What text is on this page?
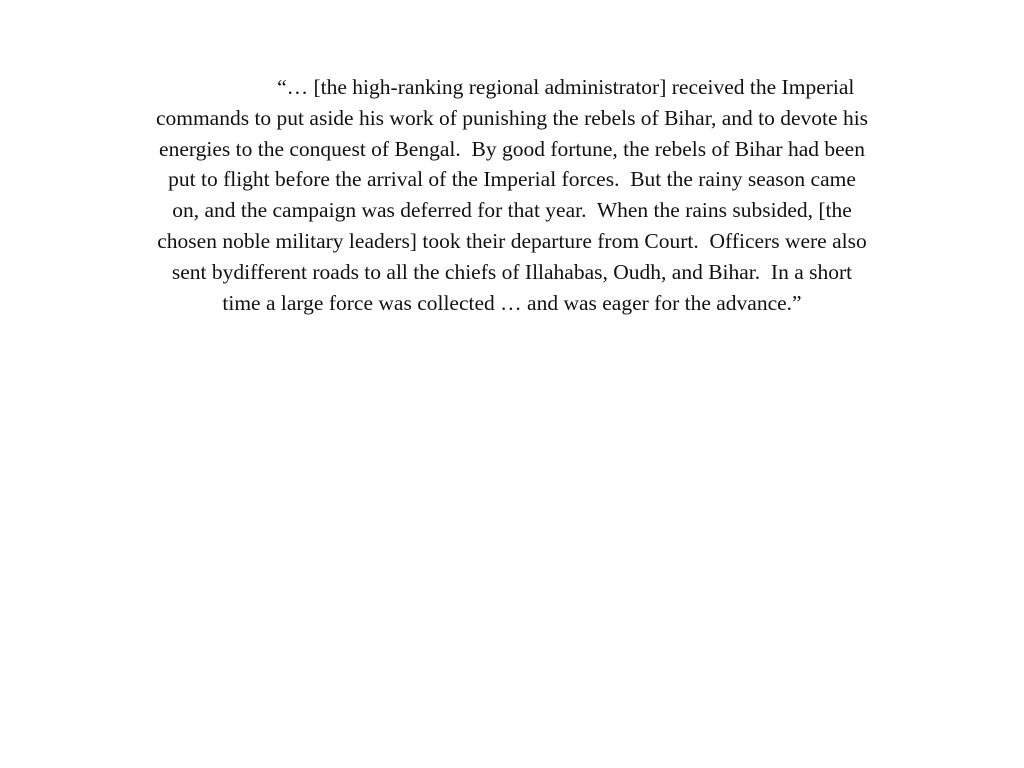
“… [the high-ranking regional administrator] received the Imperial
commands to put aside his work of punishing the rebels of Bihar, and to devote his
energies to the conquest of Bengal.  By good fortune, the rebels of Bihar had been
put to flight before the arrival of the Imperial forces.  But the rainy season came
on, and the campaign was deferred for that year.  When the rains subsided, [the
chosen noble military leaders] took their departure from Court.  Officers were also
sent bydifferent roads to all the chiefs of Illahabas, Oudh, and Bihar.  In a short
time a large force was collected … and was eager for the advance.”
